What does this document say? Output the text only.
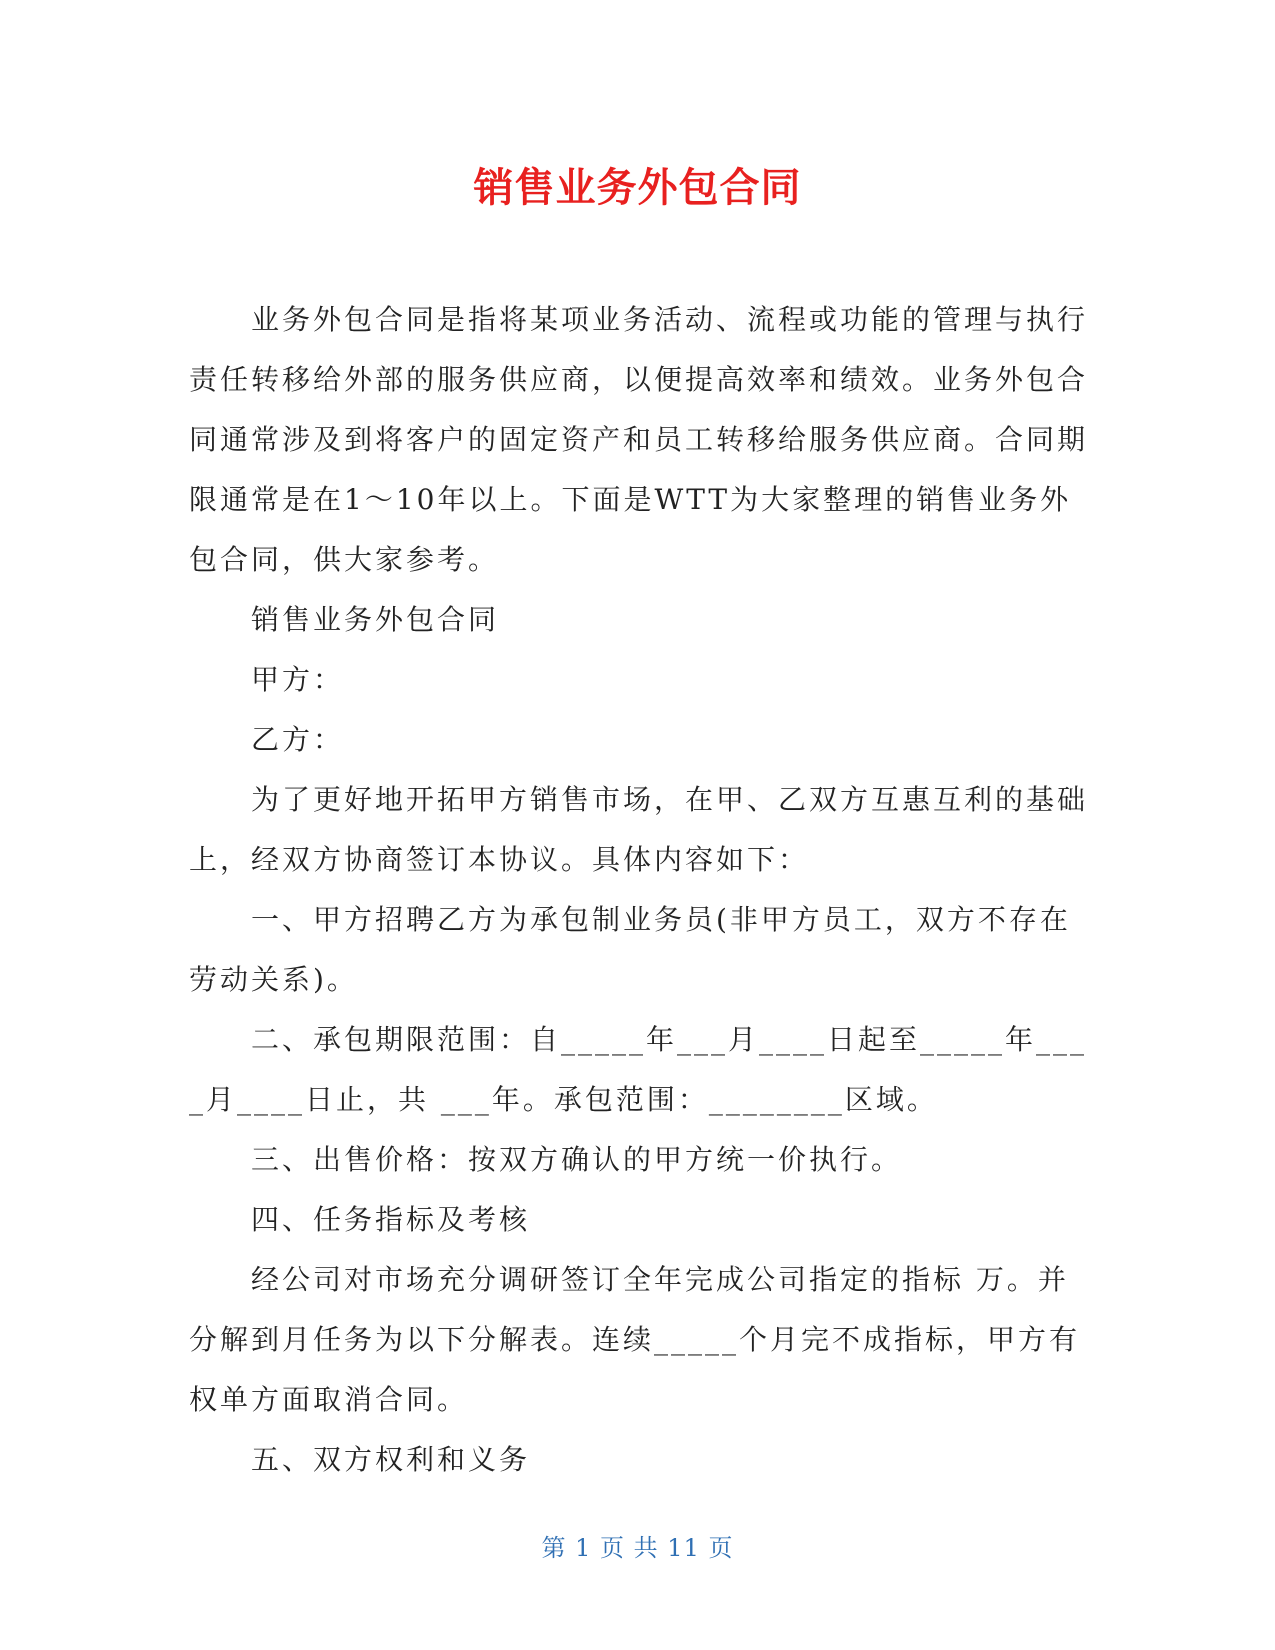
销售业务外包合同

业务外包合同是指将某项业务活动、流程或功能的管理与执行责任转移给外部的服务供应商，以便提高效率和绩效。业务外包合同通常涉及到将客户的固定资产和员工转移给服务供应商。合同期限通常是在1～10年以上。下面是WTT为大家整理的销售业务外包合同，供大家参考。

销售业务外包合同

甲方：

乙方：

为了更好地开拓甲方销售市场，在甲、乙双方互惠互利的基础上，经双方协商签订本协议。具体内容如下：

一、甲方招聘乙方为承包制业务员(非甲方员工，双方不存在劳动关系)。

二、承包期限范围：自_____年___月____日起至_____年____月____日止，共 ___年。承包范围：________区域。

三、出售价格：按双方确认的甲方统一价执行。

四、任务指标及考核

经公司对市场充分调研签订全年完成公司指定的指标 万。并分解到月任务为以下分解表。连续_____个月完不成指标，甲方有权单方面取消合同。

五、双方权利和义务

第 1 页 共 11 页
